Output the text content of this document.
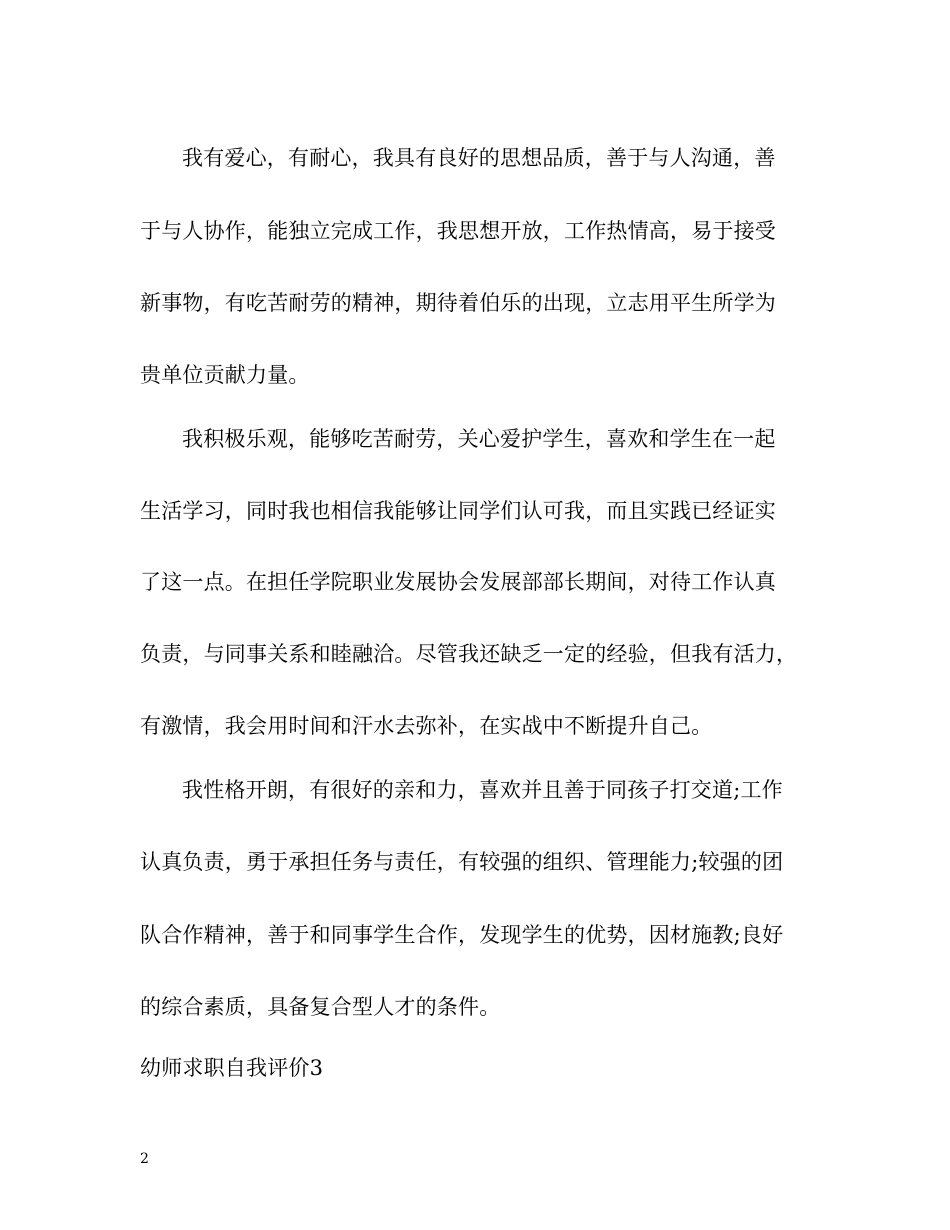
我有爱心，有耐心，我具有良好的思想品质，善于与人沟通，善
于与人协作，能独立完成工作，我思想开放，工作热情高，易于接受
新事物，有吃苦耐劳的精神，期待着伯乐的出现，立志用平生所学为
贵单位贡献力量。
我积极乐观，能够吃苦耐劳，关心爱护学生，喜欢和学生在一起
生活学习，同时我也相信我能够让同学们认可我，而且实践已经证实
了这一点。在担任学院职业发展协会发展部部长期间，对待工作认真
负责，与同事关系和睦融洽。尽管我还缺乏一定的经验，但我有活力，
有激情，我会用时间和汗水去弥补，在实战中不断提升自己。
我性格开朗，有很好的亲和力，喜欢并且善于同孩子打交道;工作
认真负责，勇于承担任务与责任，有较强的组织、管理能力;较强的团
队合作精神，善于和同事学生合作，发现学生的优势，因材施教;良好
的综合素质，具备复合型人才的条件。
幼师求职自我评价3
2
